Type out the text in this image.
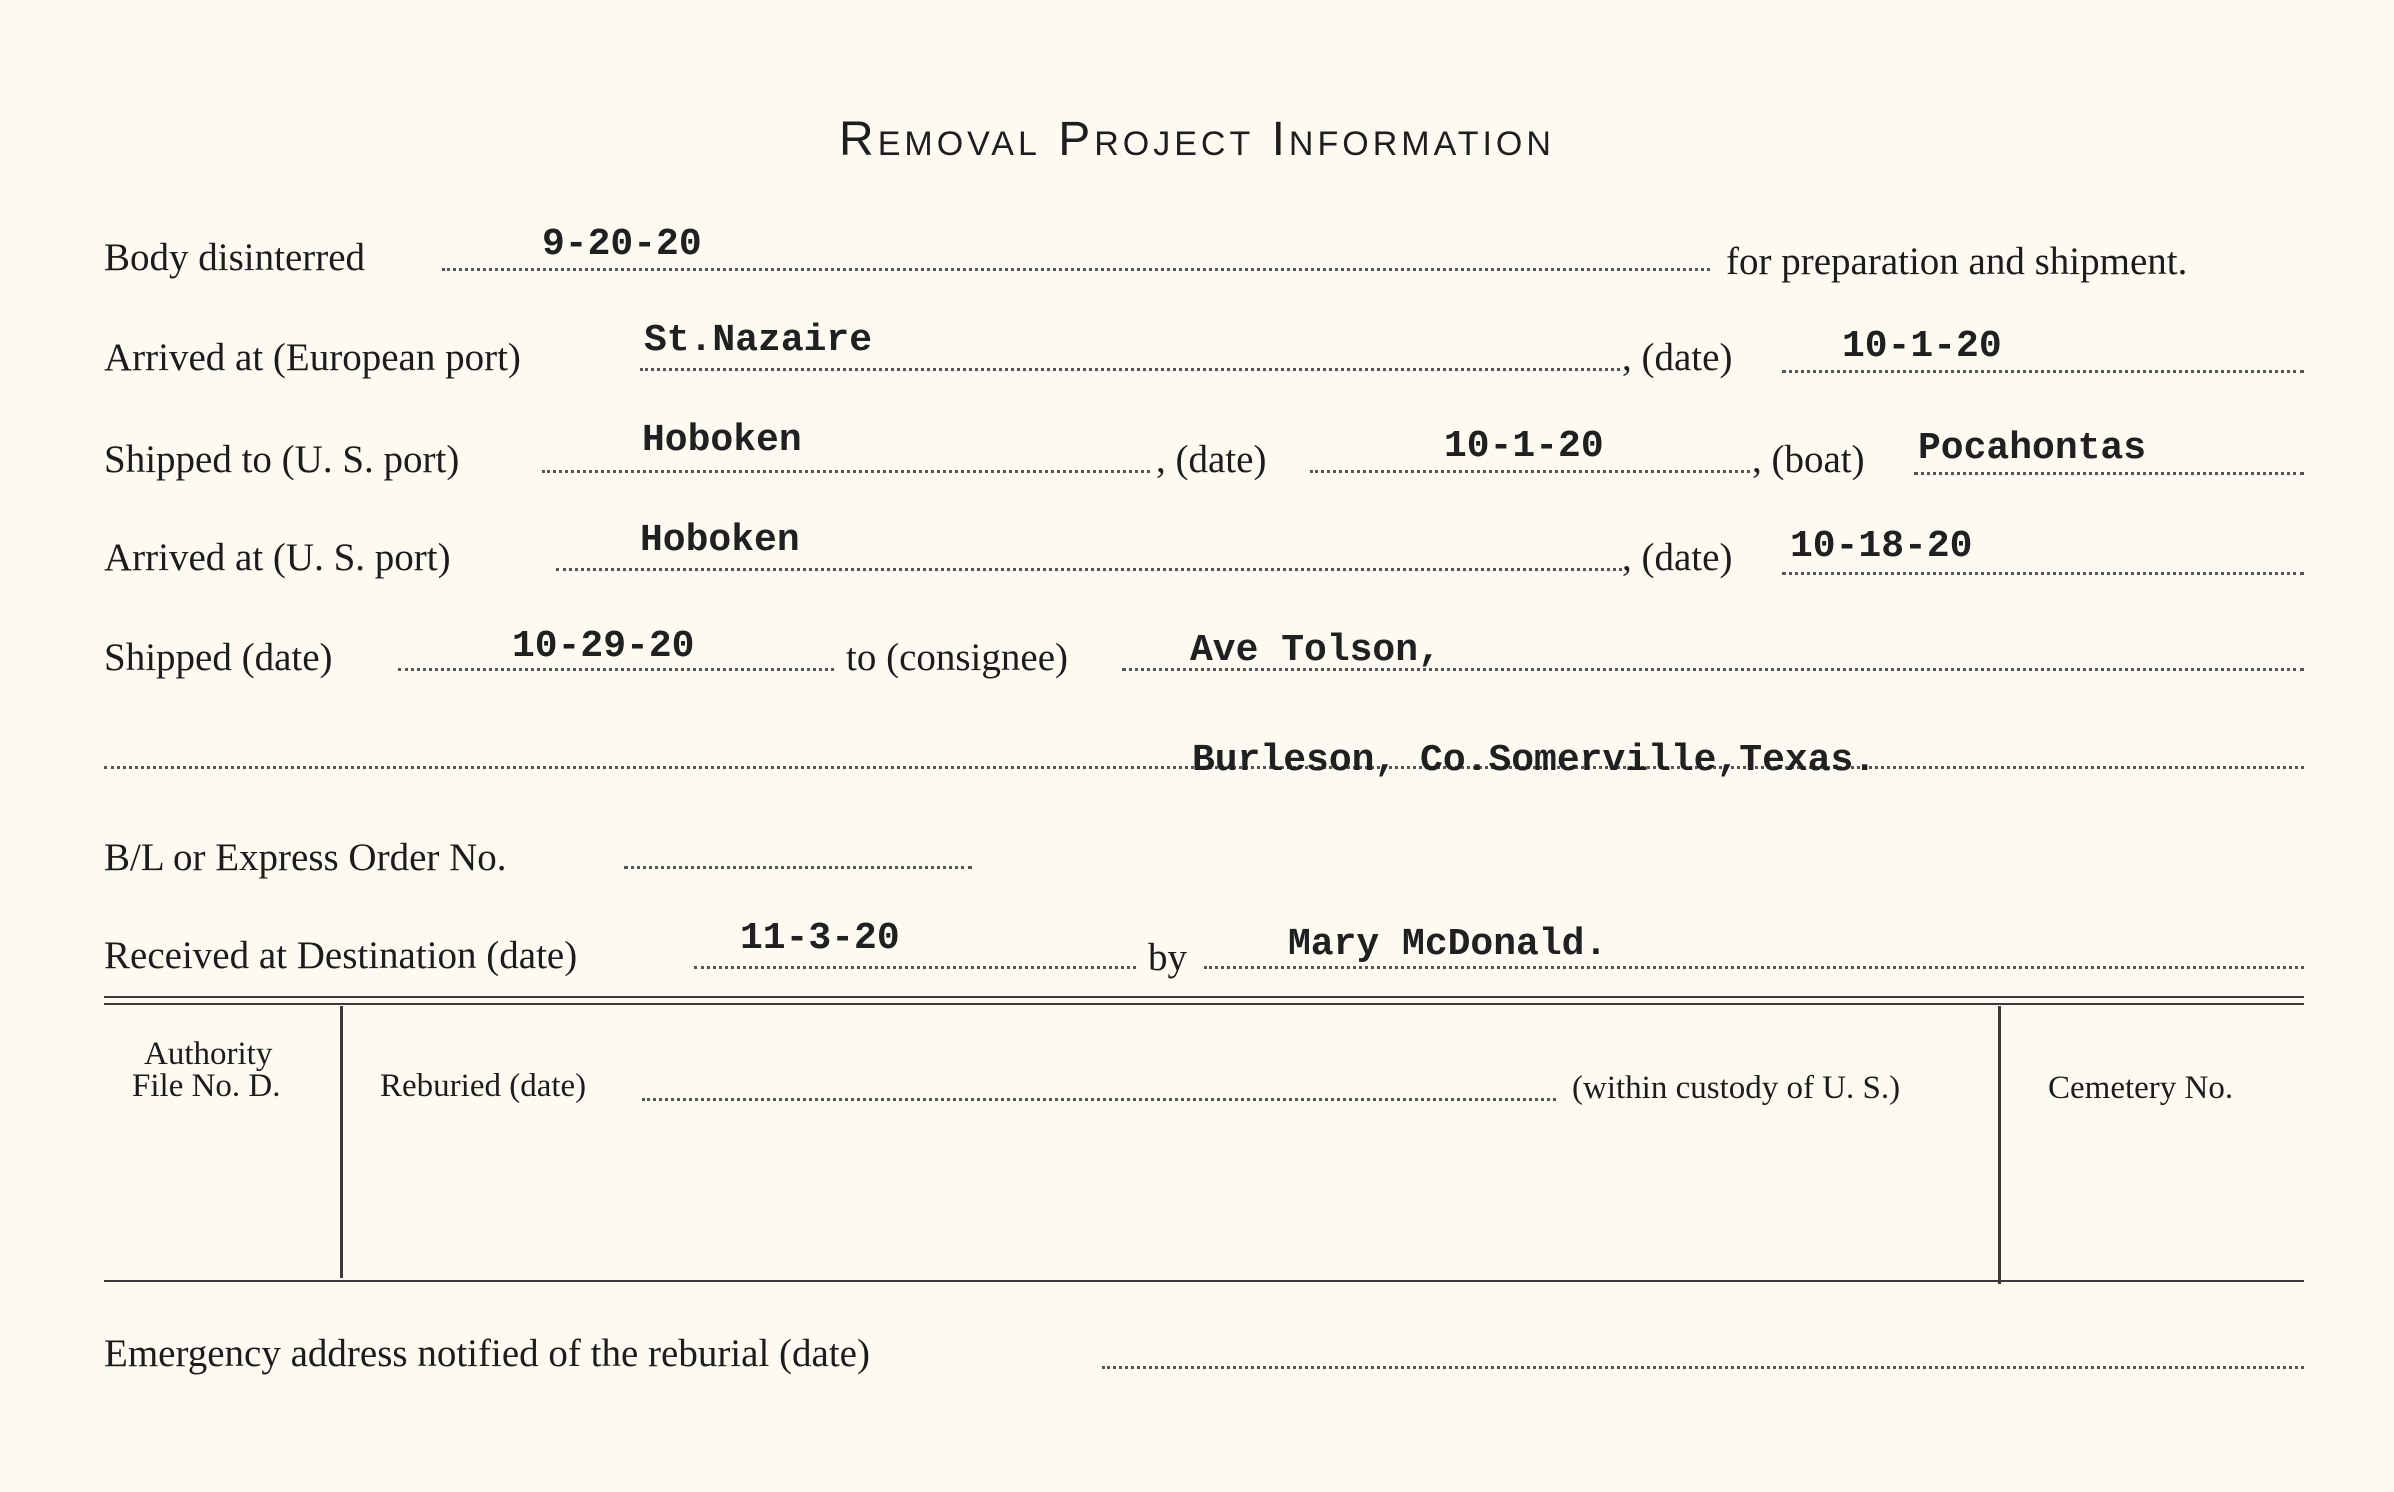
Removal Project Information
Body disinterred	9-20-20	for preparation and shipment.
Arrived at (European port)	St.Nazaire	, (date)	10-1-20
Shipped to (U. S. port)	Hoboken	, (date)	10-1-20	, (boat) Pocahontas
Arrived at (U. S. port)	Hoboken	, (date) 10-18-20
Shipped (date)	10-29-20	to (consignee)	Ave Tolson,
Burleson, Co.Somerville,Texas.
B/L or Express Order No.
Received at Destination (date)	11-3-20	by	Mary McDonald.
Authority
File No. D.	Reburied (date)	(within custody of U. S.)	Cemetery No.
Emergency address notified of the reburial (date)
